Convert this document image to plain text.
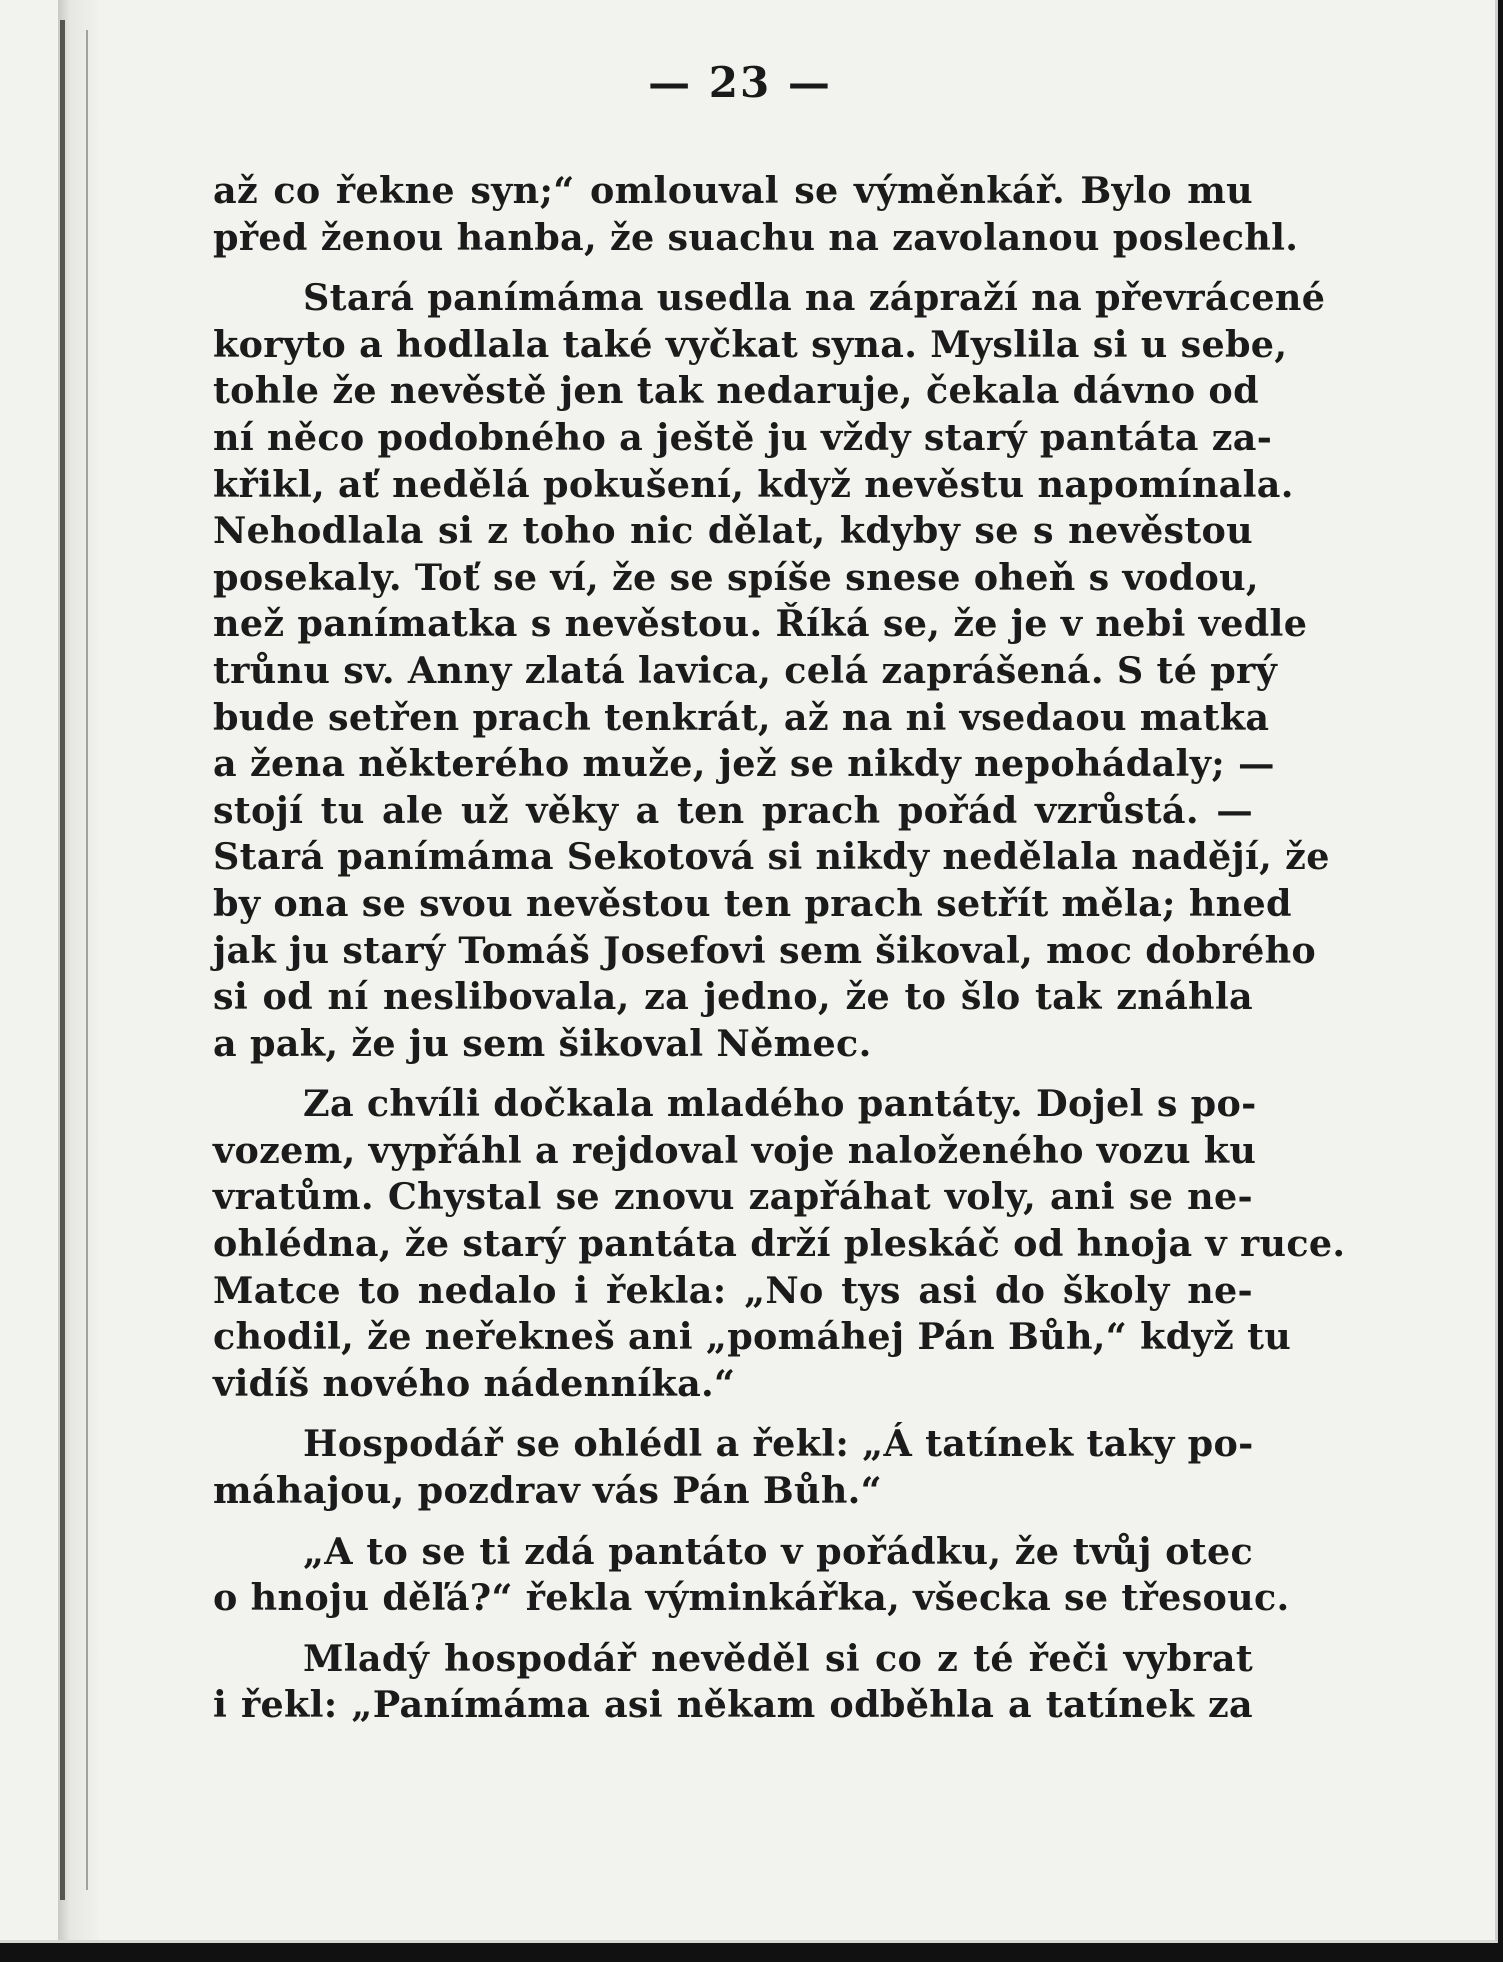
— 23 —
až co řekne syn;“ omlouval se výměnkář. Bylo mu
před ženou hanba, že suachu na zavolanou poslechl.
Stará panímáma usedla na zápraží na převrácené
koryto a hodlala také vyčkat syna. Myslila si u sebe,
tohle že nevěstě jen tak nedaruje, čekala dávno od
ní něco podobného a ještě ju vždy starý pantáta za-
křikl, ať nedělá pokušení, když nevěstu napomínala.
Nehodlala si z toho nic dělat, kdyby se s nevěstou
posekaly. Toť se ví, že se spíše snese oheň s vodou,
než panímatka s nevěstou. Říká se, že je v nebi vedle
trůnu sv. Anny zlatá lavica, celá zaprášená. S té prý
bude setřen prach tenkrát, až na ni vsedaou matka
a žena některého muže, jež se nikdy nepohádaly; —
stojí tu ale už věky a ten prach pořád vzrůstá. —
Stará panímáma Sekotová si nikdy nedělala nadějí, že
by ona se svou nevěstou ten prach setřít měla; hned
jak ju starý Tomáš Josefovi sem šikoval, moc dobrého
si od ní neslibovala, za jedno, že to šlo tak znáhla
a pak, že ju sem šikoval Němec.
Za chvíli dočkala mladého pantáty. Dojel s po-
vozem, vypřáhl a rejdoval voje naloženého vozu ku
vratům. Chystal se znovu zapřáhat voly, ani se ne-
ohlédna, že starý pantáta drží pleskáč od hnoja v ruce.
Matce to nedalo i řekla: „No tys asi do školy ne-
chodil, že neřekneš ani „pomáhej Pán Bůh,“ když tu
vidíš nového nádenníka.“
Hospodář se ohlédl a řekl: „Á tatínek taky po-
máhajou, pozdrav vás Pán Bůh.“
„A to se ti zdá pantáto v pořádku, že tvůj otec
o hnoju děľá?“ řekla výminkářka, všecka se třesouc.
Mladý hospodář nevěděl si co z té řeči vybrat
i řekl: „Panímáma asi někam odběhla a tatínek za
